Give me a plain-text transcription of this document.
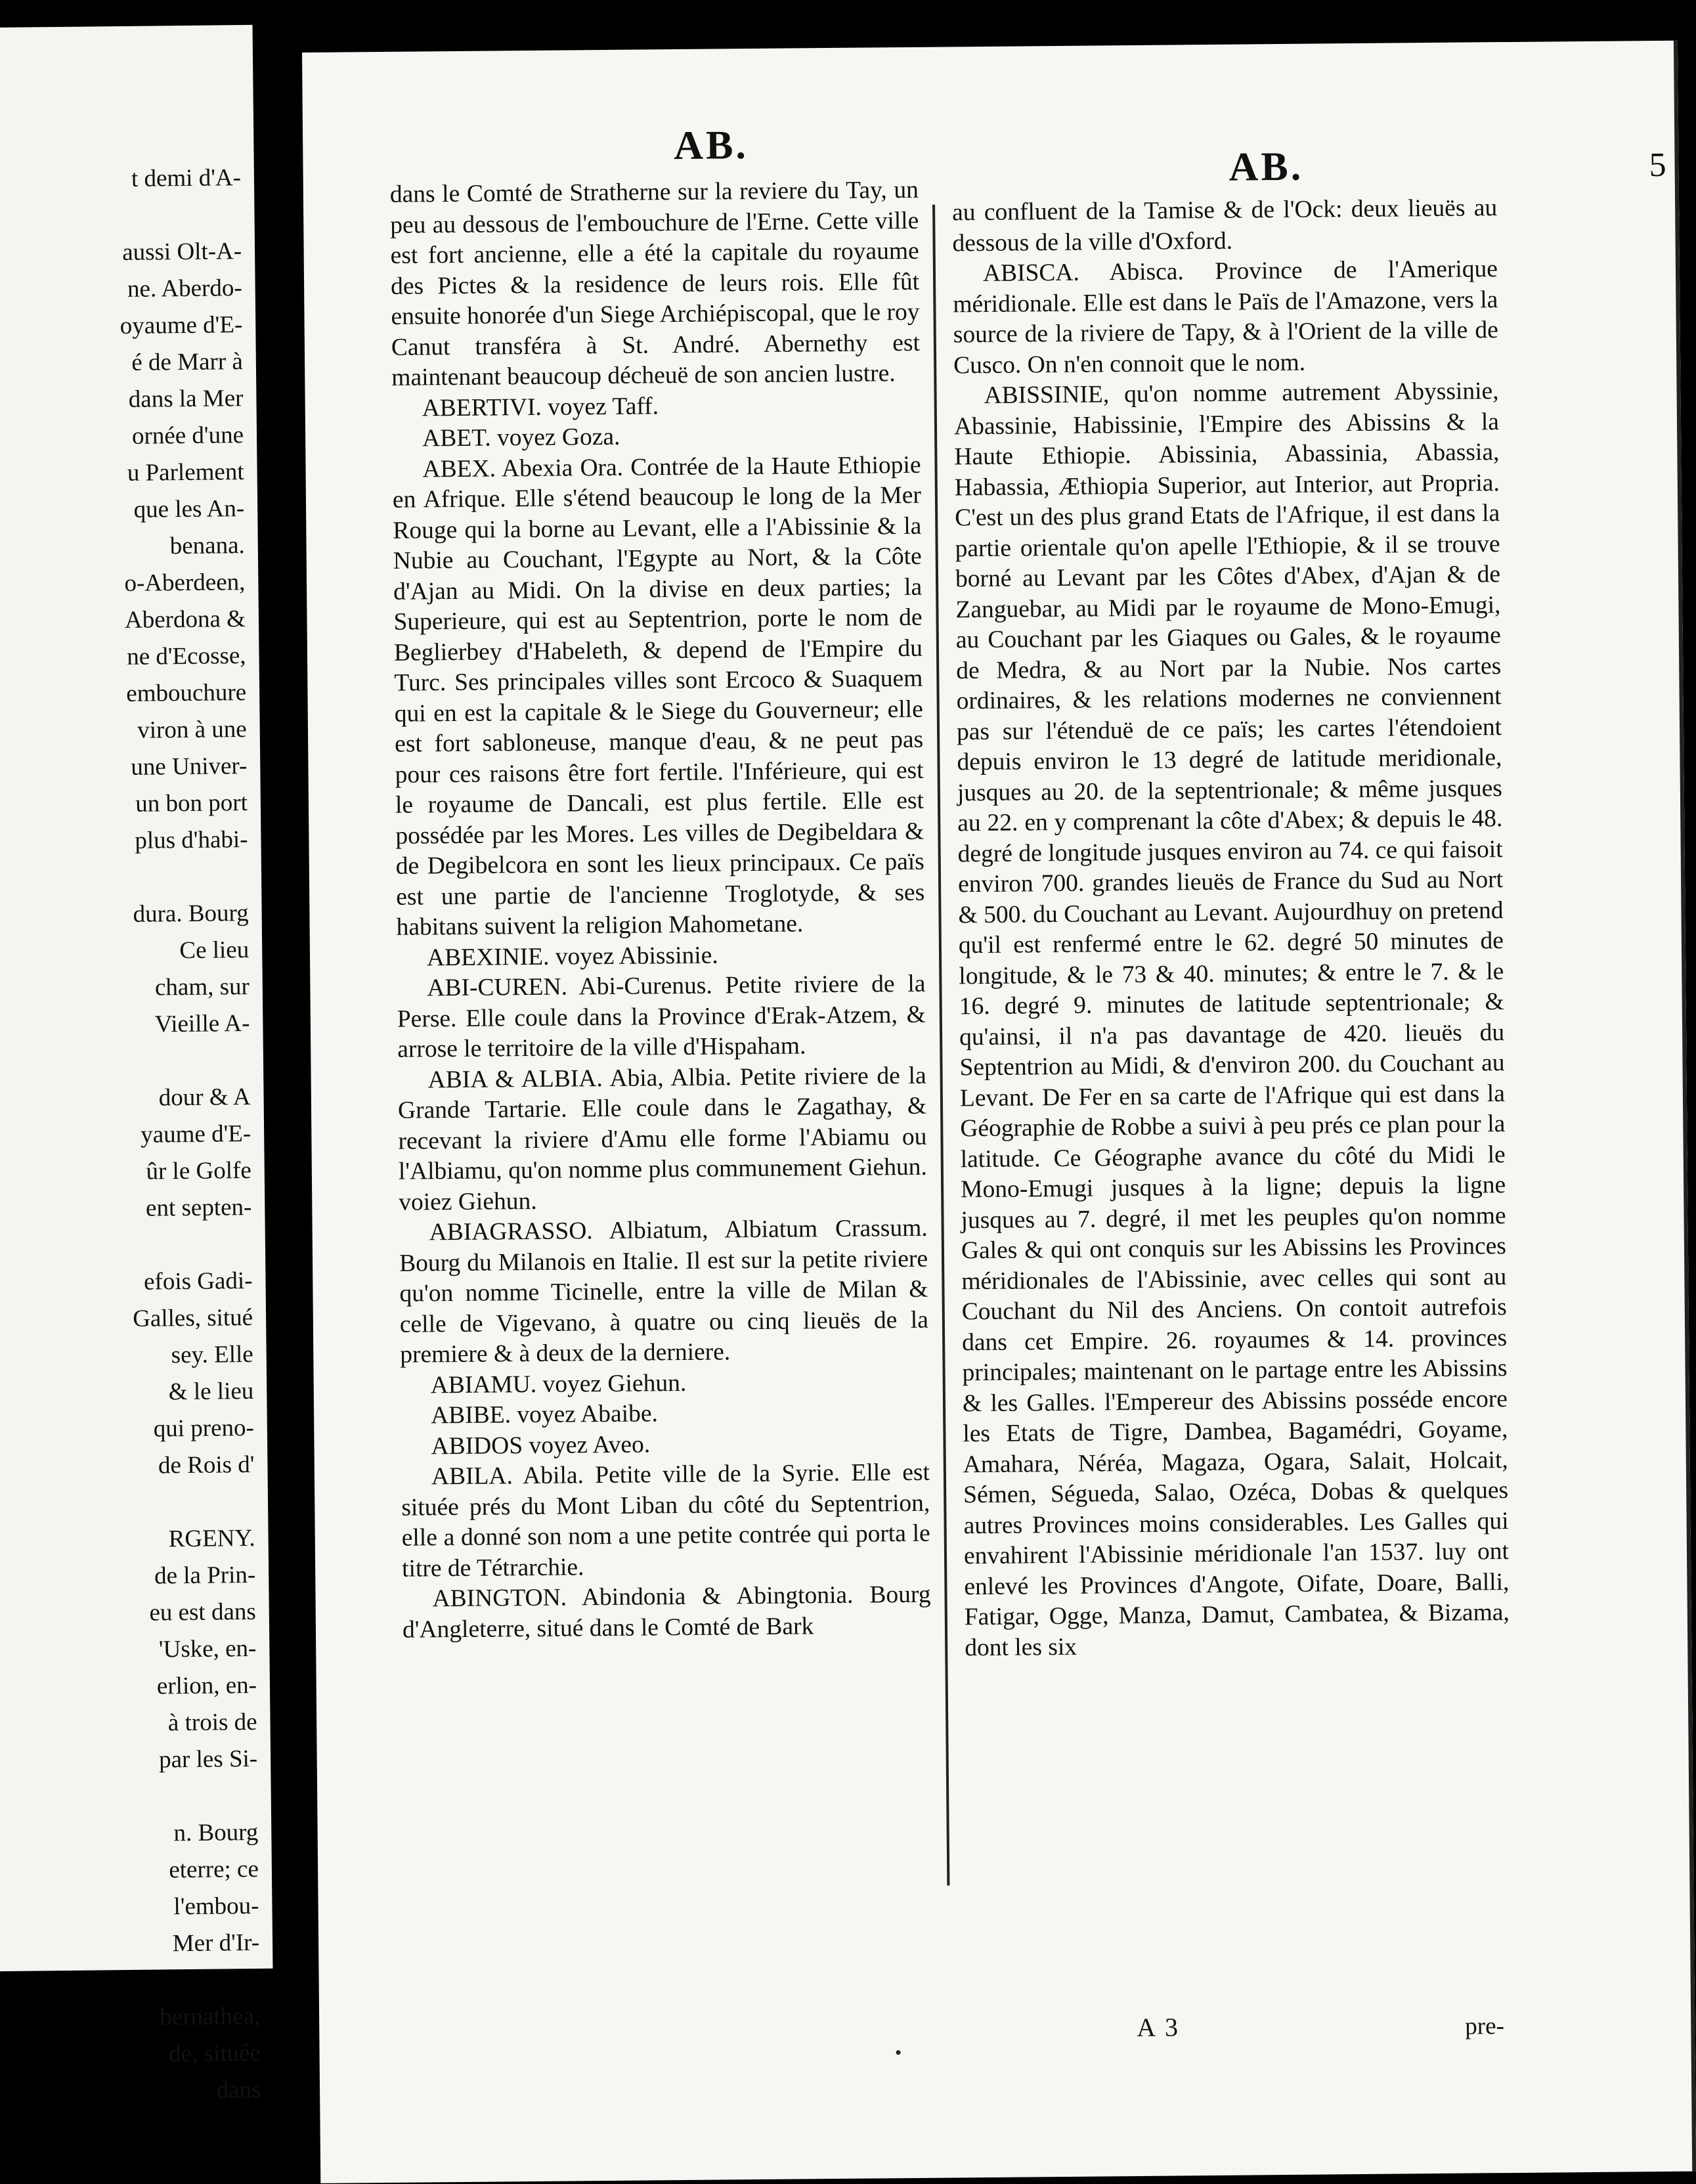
t demi d'A-

aussi Olt-A-
ne. Aberdo-
oyaume d'E-
é de Marr à
dans la Mer
ornée d'une
u Parlement
que les An-
benana.
o-Aberdeen,
Aberdona &
ne d'Ecosse,
embouchure
viron à une
une Univer-
un bon port
plus d'habi-

dura. Bourg
Ce lieu
cham, sur
Vieille A-

dour & A
yaume d'E-
ûr le Golfe
ent septen-

efois Gadi-
Galles, situé
sey. Elle
& le lieu
qui preno-
de Rois d'

RGENY.
de la Prin-
eu est dans
'Uske, en-
erlion, en-
à trois de
par les Si-

n. Bourg
eterre; ce
l'embou-
Mer d'Ir-

bernathea,
de, située
dans
AB.	AB.	5

dans le Comté de Stratherne sur la reviere du Tay, un peu au dessous de l'embouchure de l'Erne. Cette ville est fort ancienne, elle a été la capitale du royaume des Pictes & la residence de leurs rois. Elle fût ensuite honorée d'un Siege Archiépiscopal, que le roy Canut transféra à St. André. Abernethy est maintenant beaucoup décheuë de son ancien lustre.

ABERTIVI. voyez Taff.

ABET. voyez Goza.

ABEX. Abexia Ora. Contrée de la Haute Ethiopie en Afrique. Elle s'étend beaucoup le long de la Mer Rouge qui la borne au Levant, elle a l'Abissinie & la Nubie au Couchant, l'Egypte au Nort, & la Côte d'Ajan au Midi. On la divise en deux parties; la Superieure, qui est au Septentrion, porte le nom de Beglierbey d'Habeleth, & depend de l'Empire du Turc. Ses principales villes sont Ercoco & Suaquem qui en est la capitale & le Siege du Gouverneur; elle est fort sabloneuse, manque d'eau, & ne peut pas pour ces raisons être fort fertile. l'Inférieure, qui est le royaume de Dancali, est plus fertile. Elle est possédée par les Mores. Les villes de Degibeldara & de Degibelcora en sont les lieux principaux. Ce païs est une partie de l'ancienne Troglotyde, & ses habitans suivent la religion Mahometane.

ABEXINIE. voyez Abissinie.

ABI-CUREN. Abi-Curenus. Petite riviere de la Perse. Elle coule dans la Province d'Erak-Atzem, & arrose le territoire de la ville d'Hispaham.

ABIA & ALBIA. Abia, Albia. Petite riviere de la Grande Tartarie. Elle coule dans le Zagathay, & recevant la riviere d'Amu elle forme l'Abiamu ou l'Albiamu, qu'on nomme plus communement Giehun. voiez Giehun.

ABIAGRASSO. Albiatum, Albiatum Crassum. Bourg du Milanois en Italie. Il est sur la petite riviere qu'on nomme Ticinelle, entre la ville de Milan & celle de Vigevano, à quatre ou cinq lieuës de la premiere & à deux de la derniere.

ABIAMU. voyez Giehun.

ABIBE. voyez Abaibe.

ABIDOS voyez Aveo.

ABILA. Abila. Petite ville de la Syrie. Elle est située prés du Mont Liban du côté du Septentrion, elle a donné son nom a une petite contrée qui porta le titre de Tétrarchie.

ABINGTON. Abindonia & Abingtonia. Bourg d'Angleterre, situé dans le Comté de Bark

au confluent de la Tamise & de l'Ock: deux lieuës au dessous de la ville d'Oxford.

ABISCA. Abisca. Province de l'Amerique méridionale. Elle est dans le Païs de l'Amazone, vers la source de la riviere de Tapy, & à l'Orient de la ville de Cusco. On n'en connoit que le nom.

ABISSINIE, qu'on nomme autrement Abyssinie, Abassinie, Habissinie, l'Empire des Abissins & la Haute Ethiopie. Abissinia, Abassinia, Abassia, Habassia, Æthiopia Superior, aut Interior, aut Propria. C'est un des plus grand Etats de l'Afrique, il est dans la partie orientale qu'on apelle l'Ethiopie, & il se trouve borné au Levant par les Côtes d'Abex, d'Ajan & de Zanguebar, au Midi par le royaume de Mono-Emugi, au Couchant par les Giaques ou Gales, & le royaume de Medra, & au Nort par la Nubie. Nos cartes ordinaires, & les relations modernes ne conviennent pas sur l'étenduë de ce païs; les cartes l'étendoient depuis environ le 13 degré de latitude meridionale, jusques au 20. de la septentrionale; & même jusques au 22. en y comprenant la côte d'Abex; & depuis le 48. degré de longitude jusques environ au 74. ce qui faisoit environ 700. grandes lieuës de France du Sud au Nort & 500. du Couchant au Levant. Aujourdhuy on pretend qu'il est renfermé entre le 62. degré 50 minutes de longitude, & le 73 & 40. minutes; & entre le 7. & le 16. degré 9. minutes de latitude septentrionale; & qu'ainsi, il n'a pas davantage de 420. lieuës du Septentrion au Midi, & d'environ 200. du Couchant au Levant. De Fer en sa carte de l'Afrique qui est dans la Géographie de Robbe a suivi à peu prés ce plan pour la latitude. Ce Géographe avance du côté du Midi le Mono-Emugi jusques à la ligne; depuis la ligne jusques au 7. degré, il met les peuples qu'on nomme Gales & qui ont conquis sur les Abissins les Provinces méridionales de l'Abissinie, avec celles qui sont au Couchant du Nil des Anciens. On contoit autrefois dans cet Empire. 26. royaumes & 14. provinces principales; maintenant on le partage entre les Abissins & les Galles. l'Empereur des Abissins posséde encore les Etats de Tigre, Dambea, Bagamédri, Goyame, Amahara, Néréa, Magaza, Ogara, Salait, Holcait, Sémen, Ségueda, Salao, Ozéca, Dobas & quelques autres Provinces moins considerables. Les Galles qui envahirent l'Abissinie méridionale l'an 1537. luy ont enlevé les Provinces d'Angote, Oifate, Doare, Balli, Fatigar, Ogge, Manza, Damut, Cambatea, & Bizama, dont les six

A 3	pre-
